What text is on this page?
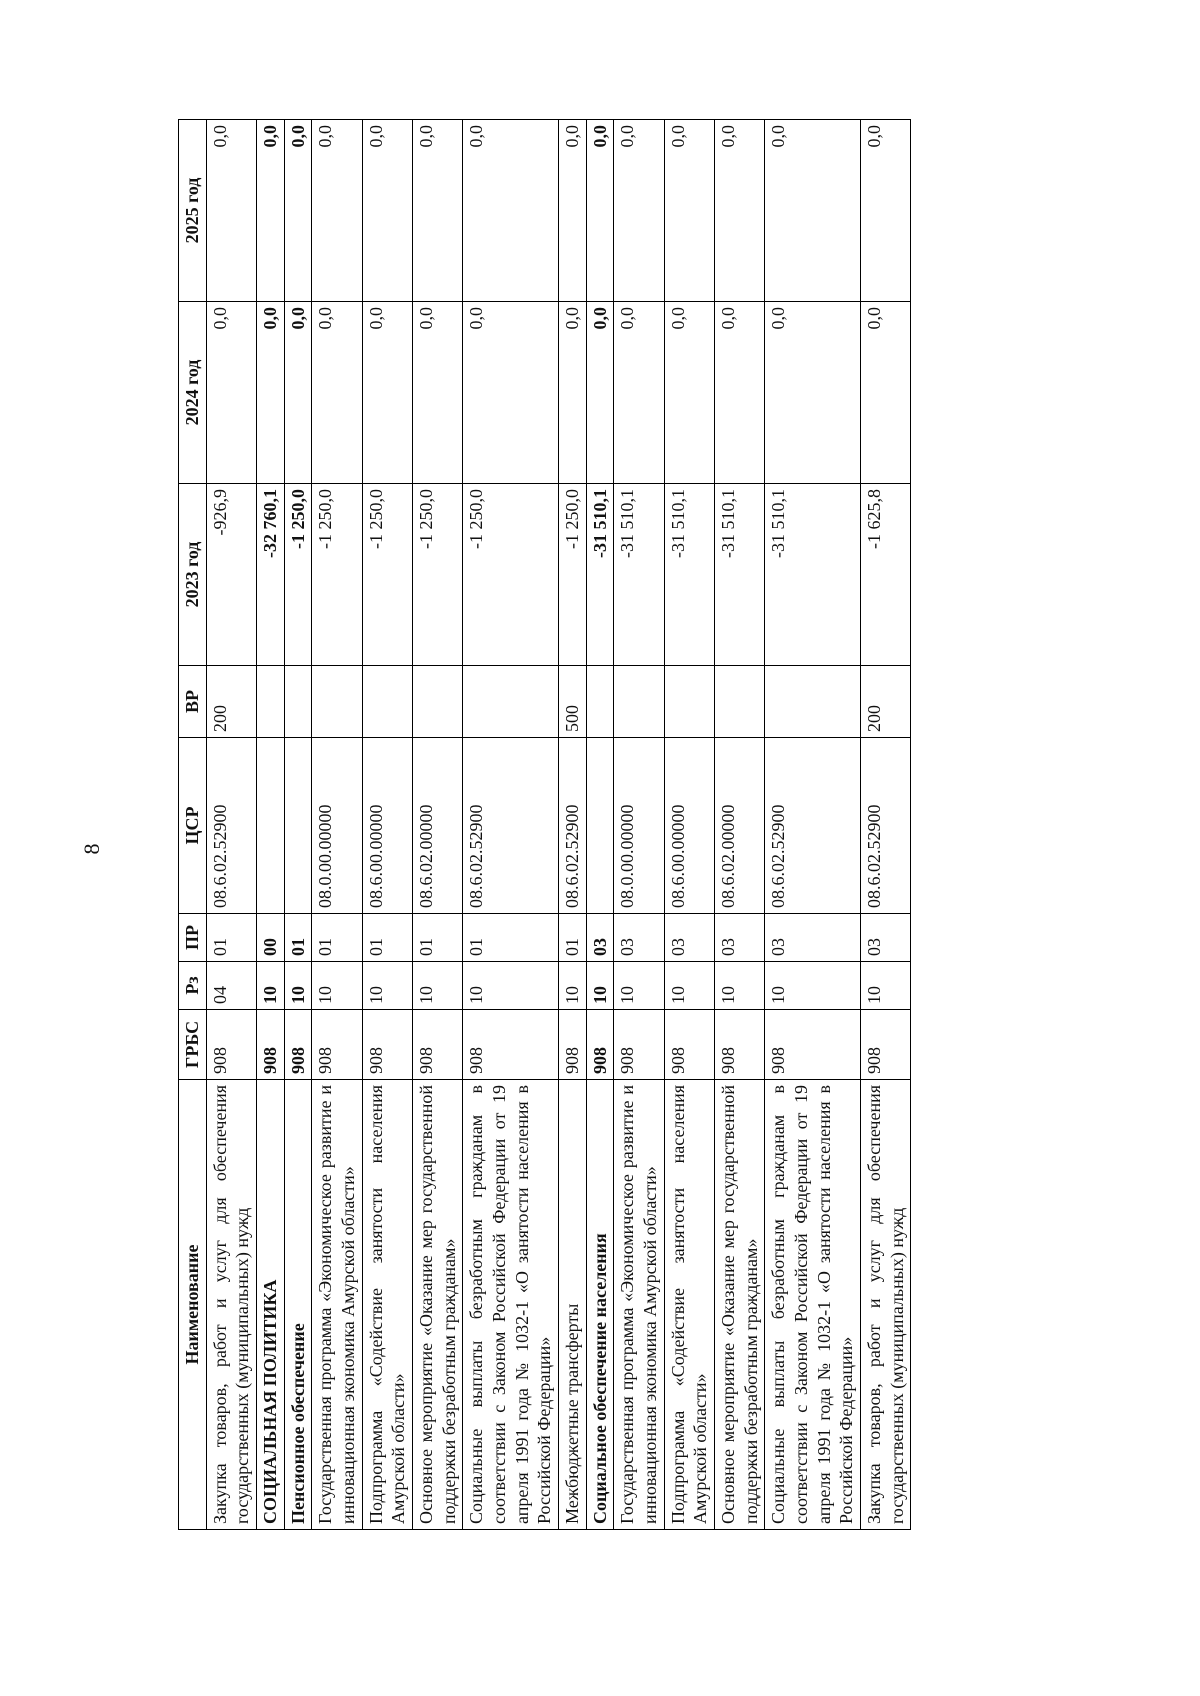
8
Наименование	ГРБС	Рз	ПР	ЦСР	ВР	2023 год	2024 год	2025 год
Закупка товаров, работ и услуг для обеспечения государственных (муниципальных) нужд	908	04	01	08.6.02.52900	200	-926,9	0,0	0,0
СОЦИАЛЬНАЯ ПОЛИТИКА	908	10	00			-32 760,1	0,0	0,0
Пенсионное обеспечение	908	10	01			-1 250,0	0,0	0,0
Государственная программа «Экономическое развитие и инновационная экономика Амурской области»	908	10	01	08.0.00.00000		-1 250,0	0,0	0,0
Подпрограмма «Содействие занятости населения Амурской области»	908	10	01	08.6.00.00000		-1 250,0	0,0	0,0
Основное мероприятие «Оказание мер государственной поддержки безработным гражданам»	908	10	01	08.6.02.00000		-1 250,0	0,0	0,0
Социальные выплаты безработным гражданам в соответствии с Законом Российской Федерации от 19 апреля 1991 года № 1032-1 «О занятости населения в Российской Федерации»	908	10	01	08.6.02.52900		-1 250,0	0,0	0,0
Межбюджетные трансферты	908	10	01	08.6.02.52900	500	-1 250,0	0,0	0,0
Социальное обеспечение населения	908	10	03			-31 510,1	0,0	0,0
Государственная программа «Экономическое развитие и инновационная экономика Амурской области»	908	10	03	08.0.00.00000		-31 510,1	0,0	0,0
Подпрограмма «Содействие занятости населения Амурской области»	908	10	03	08.6.00.00000		-31 510,1	0,0	0,0
Основное мероприятие «Оказание мер государственной поддержки безработным гражданам»	908	10	03	08.6.02.00000		-31 510,1	0,0	0,0
Социальные выплаты безработным гражданам в соответствии с Законом Российской Федерации от 19 апреля 1991 года № 1032-1 «О занятости населения в Российской Федерации»	908	10	03	08.6.02.52900		-31 510,1	0,0	0,0
Закупка товаров, работ и услуг для обеспечения государственных (муниципальных) нужд	908	10	03	08.6.02.52900	200	-1 625,8	0,0	0,0
